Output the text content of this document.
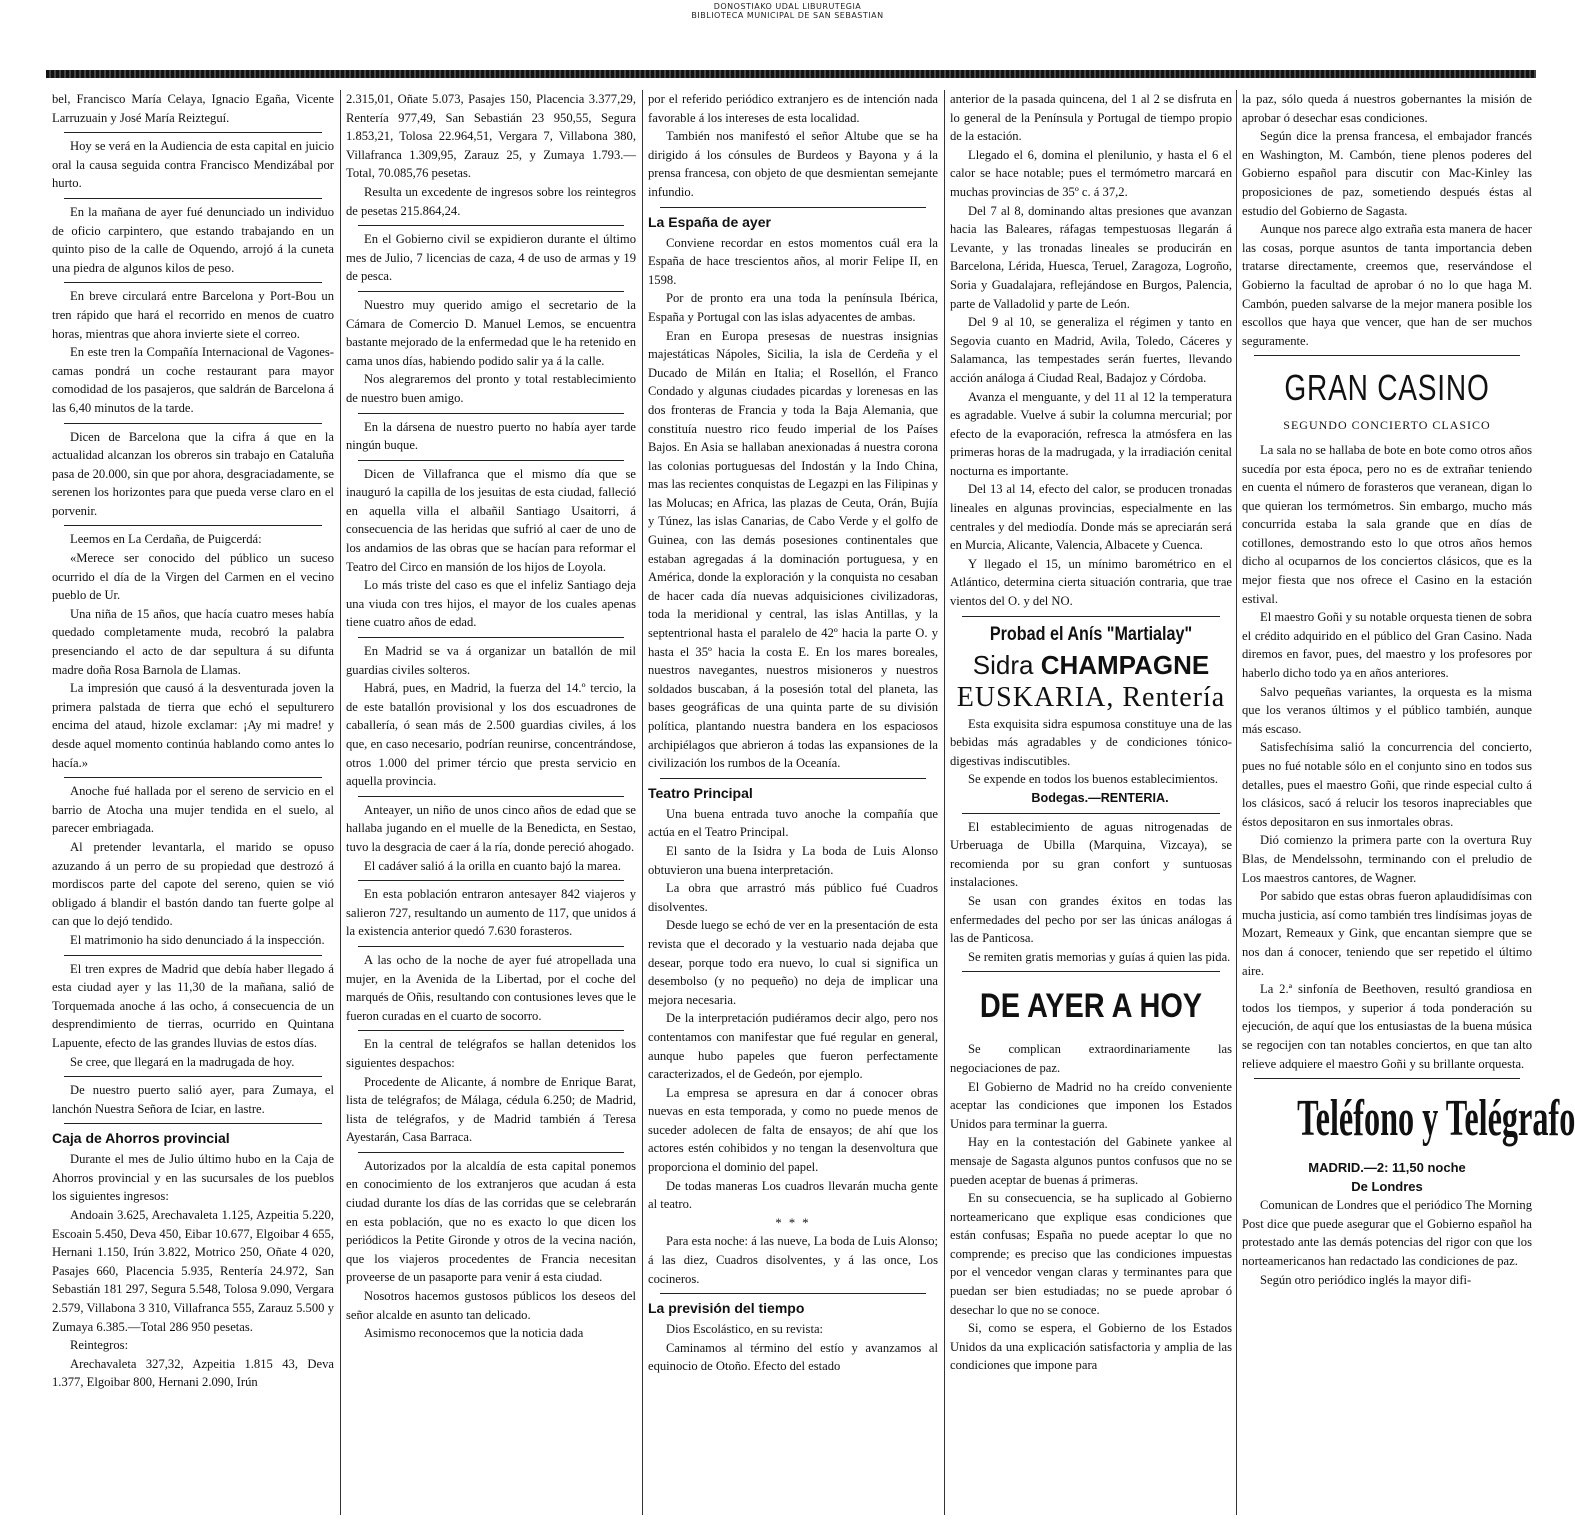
DONOSTIAKO UDAL LIBURUTEGIA
BIBLIOTECA MUNICIPAL DE SAN SEBASTIAN

bel, Francisco María Celaya, Ignacio Egaña, Vicente Larruzuain y José María Reizteguí.

Hoy se verá en la Audiencia de esta capital en juicio oral la causa seguida contra Francisco Mendizábal por hurto.

En la mañana de ayer fué denunciado un individuo de oficio carpintero, que estando trabajando en un quinto piso de la calle de Oquendo, arrojó á la cuneta una piedra de algunos kilos de peso.

En breve circulará entre Barcelona y Port-Bou un tren rápido que hará el recorrido en menos de cuatro horas, mientras que ahora invierte siete el correo.

En este tren la Compañía Internacional de Vagones-camas pondrá un coche restaurant para mayor comodidad de los pasajeros, que saldrán de Barcelona á las 6,40 minutos de la tarde.

Dicen de Barcelona que la cifra á que en la actualidad alcanzan los obreros sin trabajo en Cataluña pasa de 20.000, sin que por ahora, desgraciadamente, se serenen los horizontes para que pueda verse claro en el porvenir.

Leemos en La Cerdaña, de Puigcerdá:

«Merece ser conocido del público un suceso ocurrido el día de la Virgen del Carmen en el vecino pueblo de Ur.

Una niña de 15 años, que hacía cuatro meses había quedado completamente muda, recobró la palabra presenciando el acto de dar sepultura á su difunta madre doña Rosa Barnola de Llamas.

La impresión que causó á la desventurada joven la primera palstada de tierra que echó el sepulturero encima del ataud, hizole exclamar: ¡Ay mi madre! y desde aquel momento continúa hablando como antes lo hacía.»

Anoche fué hallada por el sereno de servicio en el barrio de Atocha una mujer tendida en el suelo, al parecer embriagada.

Al pretender levantarla, el marido se opuso azuzando á un perro de su propiedad que destrozó á mordiscos parte del capote del sereno, quien se vió obligado á blandir el bastón dando tan fuerte golpe al can que lo dejó tendido.

El matrimonio ha sido denunciado á la inspección.

El tren expres de Madrid que debía haber llegado á esta ciudad ayer y las 11,30 de la mañana, salió de Torquemada anoche á las ocho, á consecuencia de un desprendimiento de tierras, ocurrido en Quintana Lapuente, efecto de las grandes lluvias de estos días.

Se cree, que llegará en la madrugada de hoy.

De nuestro puerto salió ayer, para Zumaya, el lanchón Nuestra Señora de Iciar, en lastre.

Caja de Ahorros provincial

Durante el mes de Julio último hubo en la Caja de Ahorros provincial y en las sucursales de los pueblos los siguientes ingresos:

Andoain 3.625, Arechavaleta 1.125, Azpeitia 5.220, Escoain 5.450, Deva 450, Eibar 10.677, Elgoibar 4 655, Hernani 1.150, Irún 3.822, Motrico 250, Oñate 4 020, Pasajes 660, Placencia 5.935, Rentería 24.972, San Sebastián 181 297, Segura 5.548, Tolosa 9.090, Vergara 2.579, Villabona 3 310, Villafranca 555, Zarauz 5.500 y Zumaya 6.385.—Total 286 950 pesetas.

Reintegros:

Arechavaleta 327,32, Azpeitia 1.815 43, Deva 1.377, Elgoibar 800, Hernani 2.090, Irún

2.315,01, Oñate 5.073, Pasajes 150, Placencia 3.377,29, Rentería 977,49, San Sebastián 23 950,55, Segura 1.853,21, Tolosa 22.964,51, Vergara 7, Villabona 380, Villafranca 1.309,95, Zarauz 25, y Zumaya 1.793.—Total, 70.085,76 pesetas.

Resulta un excedente de ingresos sobre los reintegros de pesetas 215.864,24.

En el Gobierno civil se expidieron durante el último mes de Julio, 7 licencias de caza, 4 de uso de armas y 19 de pesca.

Nuestro muy querido amigo el secretario de la Cámara de Comercio D. Manuel Lemos, se encuentra bastante mejorado de la enfermedad que le ha retenido en cama unos días, habiendo podido salir ya á la calle.

Nos alegraremos del pronto y total restablecimiento de nuestro buen amigo.

En la dársena de nuestro puerto no había ayer tarde ningún buque.

Dicen de Villafranca que el mismo día que se inauguró la capilla de los jesuitas de esta ciudad, falleció en aquella villa el albañil Santiago Usaitorri, á consecuencia de las heridas que sufrió al caer de uno de los andamios de las obras que se hacían para reformar el Teatro del Circo en mansión de los hijos de Loyola.

Lo más triste del caso es que el infeliz Santiago deja una viuda con tres hijos, el mayor de los cuales apenas tiene cuatro años de edad.

En Madrid se va á organizar un batallón de mil guardias civiles solteros.

Habrá, pues, en Madrid, la fuerza del 14.º tercio, la de este batallón provisional y los dos escuadrones de caballería, ó sean más de 2.500 guardias civiles, á los que, en caso necesario, podrían reunirse, concentrándose, otros 1.000 del primer tércio que presta servicio en aquella provincia.

Anteayer, un niño de unos cinco años de edad que se hallaba jugando en el muelle de la Benedicta, en Sestao, tuvo la desgracia de caer á la ría, donde pereció ahogado.

El cadáver salió á la orilla en cuanto bajó la marea.

En esta población entraron antesayer 842 viajeros y salieron 727, resultando un aumento de 117, que unidos á la existencia anterior quedó 7.630 forasteros.

A las ocho de la noche de ayer fué atropellada una mujer, en la Avenida de la Libertad, por el coche del marqués de Oñis, resultando con contusiones leves que le fueron curadas en el cuarto de socorro.

En la central de telégrafos se hallan detenidos los siguientes despachos:

Procedente de Alicante, á nombre de Enrique Barat, lista de telégrafos; de Málaga, cédula 6.250; de Madrid, lista de telégrafos, y de Madrid también á Teresa Ayestarán, Casa Barraca.

Autorizados por la alcaldía de esta capital ponemos en conocimiento de los extranjeros que acudan á esta ciudad durante los días de las corridas que se celebrarán en esta población, que no es exacto lo que dicen los periódicos la Petite Gironde y otros de la vecina nación, que los viajeros procedentes de Francia necesitan proveerse de un pasaporte para venir á esta ciudad.

Nosotros hacemos gustosos públicos los deseos del señor alcalde en asunto tan delicado.

Asimismo reconocemos que la noticia dada

por el referido periódico extranjero es de intención nada favorable á los intereses de esta localidad.

También nos manifestó el señor Altube que se ha dirigido á los cónsules de Burdeos y Bayona y á la prensa francesa, con objeto de que desmientan semejante infundio.

La España de ayer

Conviene recordar en estos momentos cuál era la España de hace trescientos años, al morir Felipe II, en 1598.

Por de pronto era una toda la península Ibérica, España y Portugal con las islas adyacentes de ambas.

Eran en Europa presesas de nuestras insignias majestáticas Nápoles, Sicilia, la isla de Cerdeña y el Ducado de Milán en Italia; el Rosellón, el Franco Condado y algunas ciudades picardas y lorenesas en las dos fronteras de Francia y toda la Baja Alemania, que constituía nuestro rico feudo imperial de los Países Bajos. En Asia se hallaban anexionadas á nuestra corona las colonias portuguesas del Indostán y la Indo China, mas las recientes conquistas de Legazpi en las Filipinas y las Molucas; en Africa, las plazas de Ceuta, Orán, Bujía y Túnez, las islas Canarias, de Cabo Verde y el golfo de Guinea, con las demás posesiones continentales que estaban agregadas á la dominación portuguesa, y en América, donde la exploración y la conquista no cesaban de hacer cada día nuevas adquisiciones civilizadoras, toda la meridional y central, las islas Antillas, y la septentrional hasta el paralelo de 42º hacia la parte O. y hasta el 35º hacia la costa E. En los mares boreales, nuestros navegantes, nuestros misioneros y nuestros soldados buscaban, á la posesión total del planeta, las bases geográficas de una quinta parte de su división política, plantando nuestra bandera en los espaciosos archipiélagos que abrieron á todas las expansiones de la civilización los rumbos de la Oceanía.

Teatro Principal

Una buena entrada tuvo anoche la compañía que actúa en el Teatro Principal.

El santo de la Isidra y La boda de Luis Alonso obtuvieron una buena interpretación.

La obra que arrastró más público fué Cuadros disolventes.

Desde luego se echó de ver en la presentación de esta revista que el decorado y la vestuario nada dejaba que desear, porque todo era nuevo, lo cual si significa un desembolso (y no pequeño) no deja de implicar una mejora necesaria.

De la interpretación pudiéramos decir algo, pero nos contentamos con manifestar que fué regular en general, aunque hubo papeles que fueron perfectamente caracterizados, el de Gedeón, por ejemplo.

La empresa se apresura en dar á conocer obras nuevas en esta temporada, y como no puede menos de suceder adolecen de falta de ensayos; de ahí que los actores estén cohibidos y no tengan la desenvoltura que proporciona el dominio del papel.

De todas maneras Los cuadros llevarán mucha gente al teatro.

* * *

Para esta noche: á las nueve, La boda de Luis Alonso; á las diez, Cuadros disolventes, y á las once, Los cocineros.

La previsión del tiempo

Dios Escolástico, en su revista:

Caminamos al término del estío y avanzamos al equinocio de Otoño. Efecto del estado

anterior de la pasada quincena, del 1 al 2 se disfruta en lo general de la Península y Portugal de tiempo propio de la estación.

Llegado el 6, domina el plenilunio, y hasta el 6 el calor se hace notable; pues el termómetro marcará en muchas provincias de 35º c. á 37,2.

Del 7 al 8, dominando altas presiones que avanzan hacia las Baleares, ráfagas tempestuosas llegarán á Levante, y las tronadas lineales se producirán en Barcelona, Lérida, Huesca, Teruel, Zaragoza, Logroño, Soria y Guadalajara, reflejándose en Burgos, Palencia, parte de Valladolid y parte de León.

Del 9 al 10, se generaliza el régimen y tanto en Segovia cuanto en Madrid, Avila, Toledo, Cáceres y Salamanca, las tempestades serán fuertes, llevando acción análoga á Ciudad Real, Badajoz y Córdoba.

Avanza el menguante, y del 11 al 12 la temperatura es agradable. Vuelve á subir la columna mercurial; por efecto de la evaporación, refresca la atmósfera en las primeras horas de la madrugada, y la irradiación cenital nocturna es importante.

Del 13 al 14, efecto del calor, se producen tronadas lineales en algunas provincias, especialmente en las centrales y del mediodía. Donde más se apreciarán será en Murcia, Alicante, Valencia, Albacete y Cuenca.

Y llegado el 15, un mínimo barométrico en el Atlántico, determina cierta situación contraria, que trae vientos del O. y del NO.

Probad el Anís "Martialay"
Sidra CHAMPAGNE
EUSKARIA, Rentería

Esta exquisita sidra espumosa constituye una de las bebidas más agradables y de condiciones tónico-digestivas indiscutibles.

Se expende en todos los buenos establecimientos.

Bodegas.—RENTERIA.

El establecimiento de aguas nitrogenadas de Urberuaga de Ubilla (Marquina, Vizcaya), se recomienda por su gran confort y suntuosas instalaciones.

Se usan con grandes éxitos en todas las enfermedades del pecho por ser las únicas análogas á las de Panticosa.

Se remiten gratis memorias y guías á quien las pida.

DE AYER A HOY

Se complican extraordinariamente las negociaciones de paz.

El Gobierno de Madrid no ha creído conveniente aceptar las condiciones que imponen los Estados Unidos para terminar la guerra.

Hay en la contestación del Gabinete yankee al mensaje de Sagasta algunos puntos confusos que no se pueden aceptar de buenas á primeras.

En su consecuencia, se ha suplicado al Gobierno norteamericano que explique esas condiciones que están confusas; España no puede aceptar lo que no comprende; es preciso que las condiciones impuestas por el vencedor vengan claras y terminantes para que puedan ser bien estudiadas; no se puede aprobar ó desechar lo que no se conoce.

Si, como se espera, el Gobierno de los Estados Unidos da una explicación satisfactoria y amplia de las condiciones que impone para

la paz, sólo queda á nuestros gobernantes la misión de aprobar ó desechar esas condiciones.

Según dice la prensa francesa, el embajador francés en Washington, M. Cambón, tiene plenos poderes del Gobierno español para discutir con Mac-Kinley las proposiciones de paz, sometiendo después éstas al estudio del Gobierno de Sagasta.

Aunque nos parece algo extraña esta manera de hacer las cosas, porque asuntos de tanta importancia deben tratarse directamente, creemos que, reservándose el Gobierno la facultad de aprobar ó no lo que haga M. Cambón, pueden salvarse de la mejor manera posible los escollos que haya que vencer, que han de ser muchos seguramente.

GRAN CASINO
SEGUNDO CONCIERTO CLASICO

La sala no se hallaba de bote en bote como otros años sucedía por esta época, pero no es de extrañar teniendo en cuenta el número de forasteros que veranean, digan lo que quieran los termómetros. Sin embargo, mucho más concurrida estaba la sala grande que en días de cotillones, demostrando esto lo que otros años hemos dicho al ocuparnos de los conciertos clásicos, que es la mejor fiesta que nos ofrece el Casino en la estación estival.

El maestro Goñi y su notable orquesta tienen de sobra el crédito adquirido en el público del Gran Casino. Nada diremos en favor, pues, del maestro y los profesores por haberlo dicho todo ya en años anteriores.

Salvo pequeñas variantes, la orquesta es la misma que los veranos últimos y el público también, aunque más escaso.

Satisfechísima salió la concurrencia del concierto, pues no fué notable sólo en el conjunto sino en todos sus detalles, pues el maestro Goñi, que rinde especial culto á los clásicos, sacó á relucir los tesoros inapreciables que éstos depositaron en sus inmortales obras.

Dió comienzo la primera parte con la overtura Ruy Blas, de Mendelssohn, terminando con el preludio de Los maestros cantores, de Wagner.

Por sabido que estas obras fueron aplaudidísimas con mucha justicia, así como también tres lindísimas joyas de Mozart, Remeaux y Gink, que encantan siempre que se nos dan á conocer, teniendo que ser repetido el último aire.

La 2.ª sinfonía de Beethoven, resultó grandiosa en todos los tiempos, y superior á toda ponderación su ejecución, de aquí que los entusiastas de la buena música se regocijen con tan notables conciertos, en que tan alto relieve adquiere el maestro Goñi y su brillante orquesta.

Teléfono y Telégrafo
MADRID.—2: 11,50 noche
De Londres

Comunican de Londres que el periódico The Morning Post dice que puede asegurar que el Gobierno español ha protestado ante las demás potencias del rigor con que los norteamericanos han redactado las condiciones de paz.

Según otro periódico inglés la mayor difi-
